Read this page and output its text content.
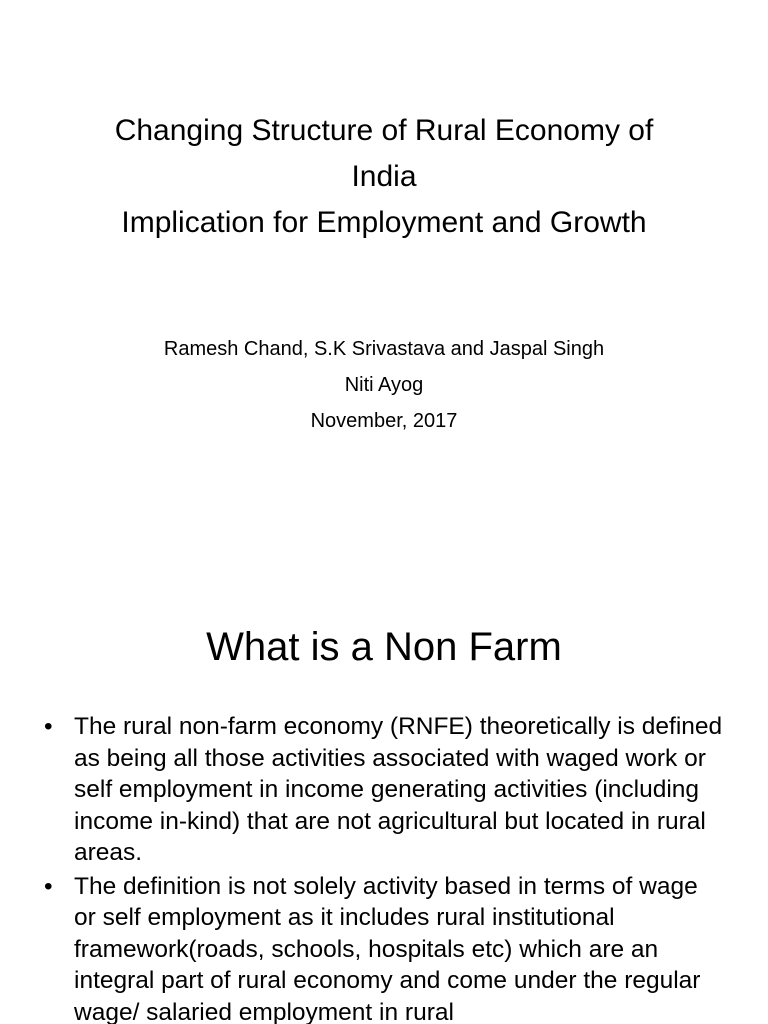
Changing Structure of Rural Economy of
India
Implication for Employment and Growth
Ramesh Chand, S.K Srivastava and Jaspal Singh
Niti Ayog
November, 2017
What is a Non Farm
• The rural non-farm economy (RNFE) theoretically is defined as being all those activities associated with waged work or self employment in income generating activities (including income in-kind) that are not agricultural but located in rural areas.
• The definition is not solely activity based in terms of wage or self employment as it includes rural institutional framework(roads, schools, hospitals etc) which are an integral part of rural economy and come under the regular wage/ salaried employment in rural
